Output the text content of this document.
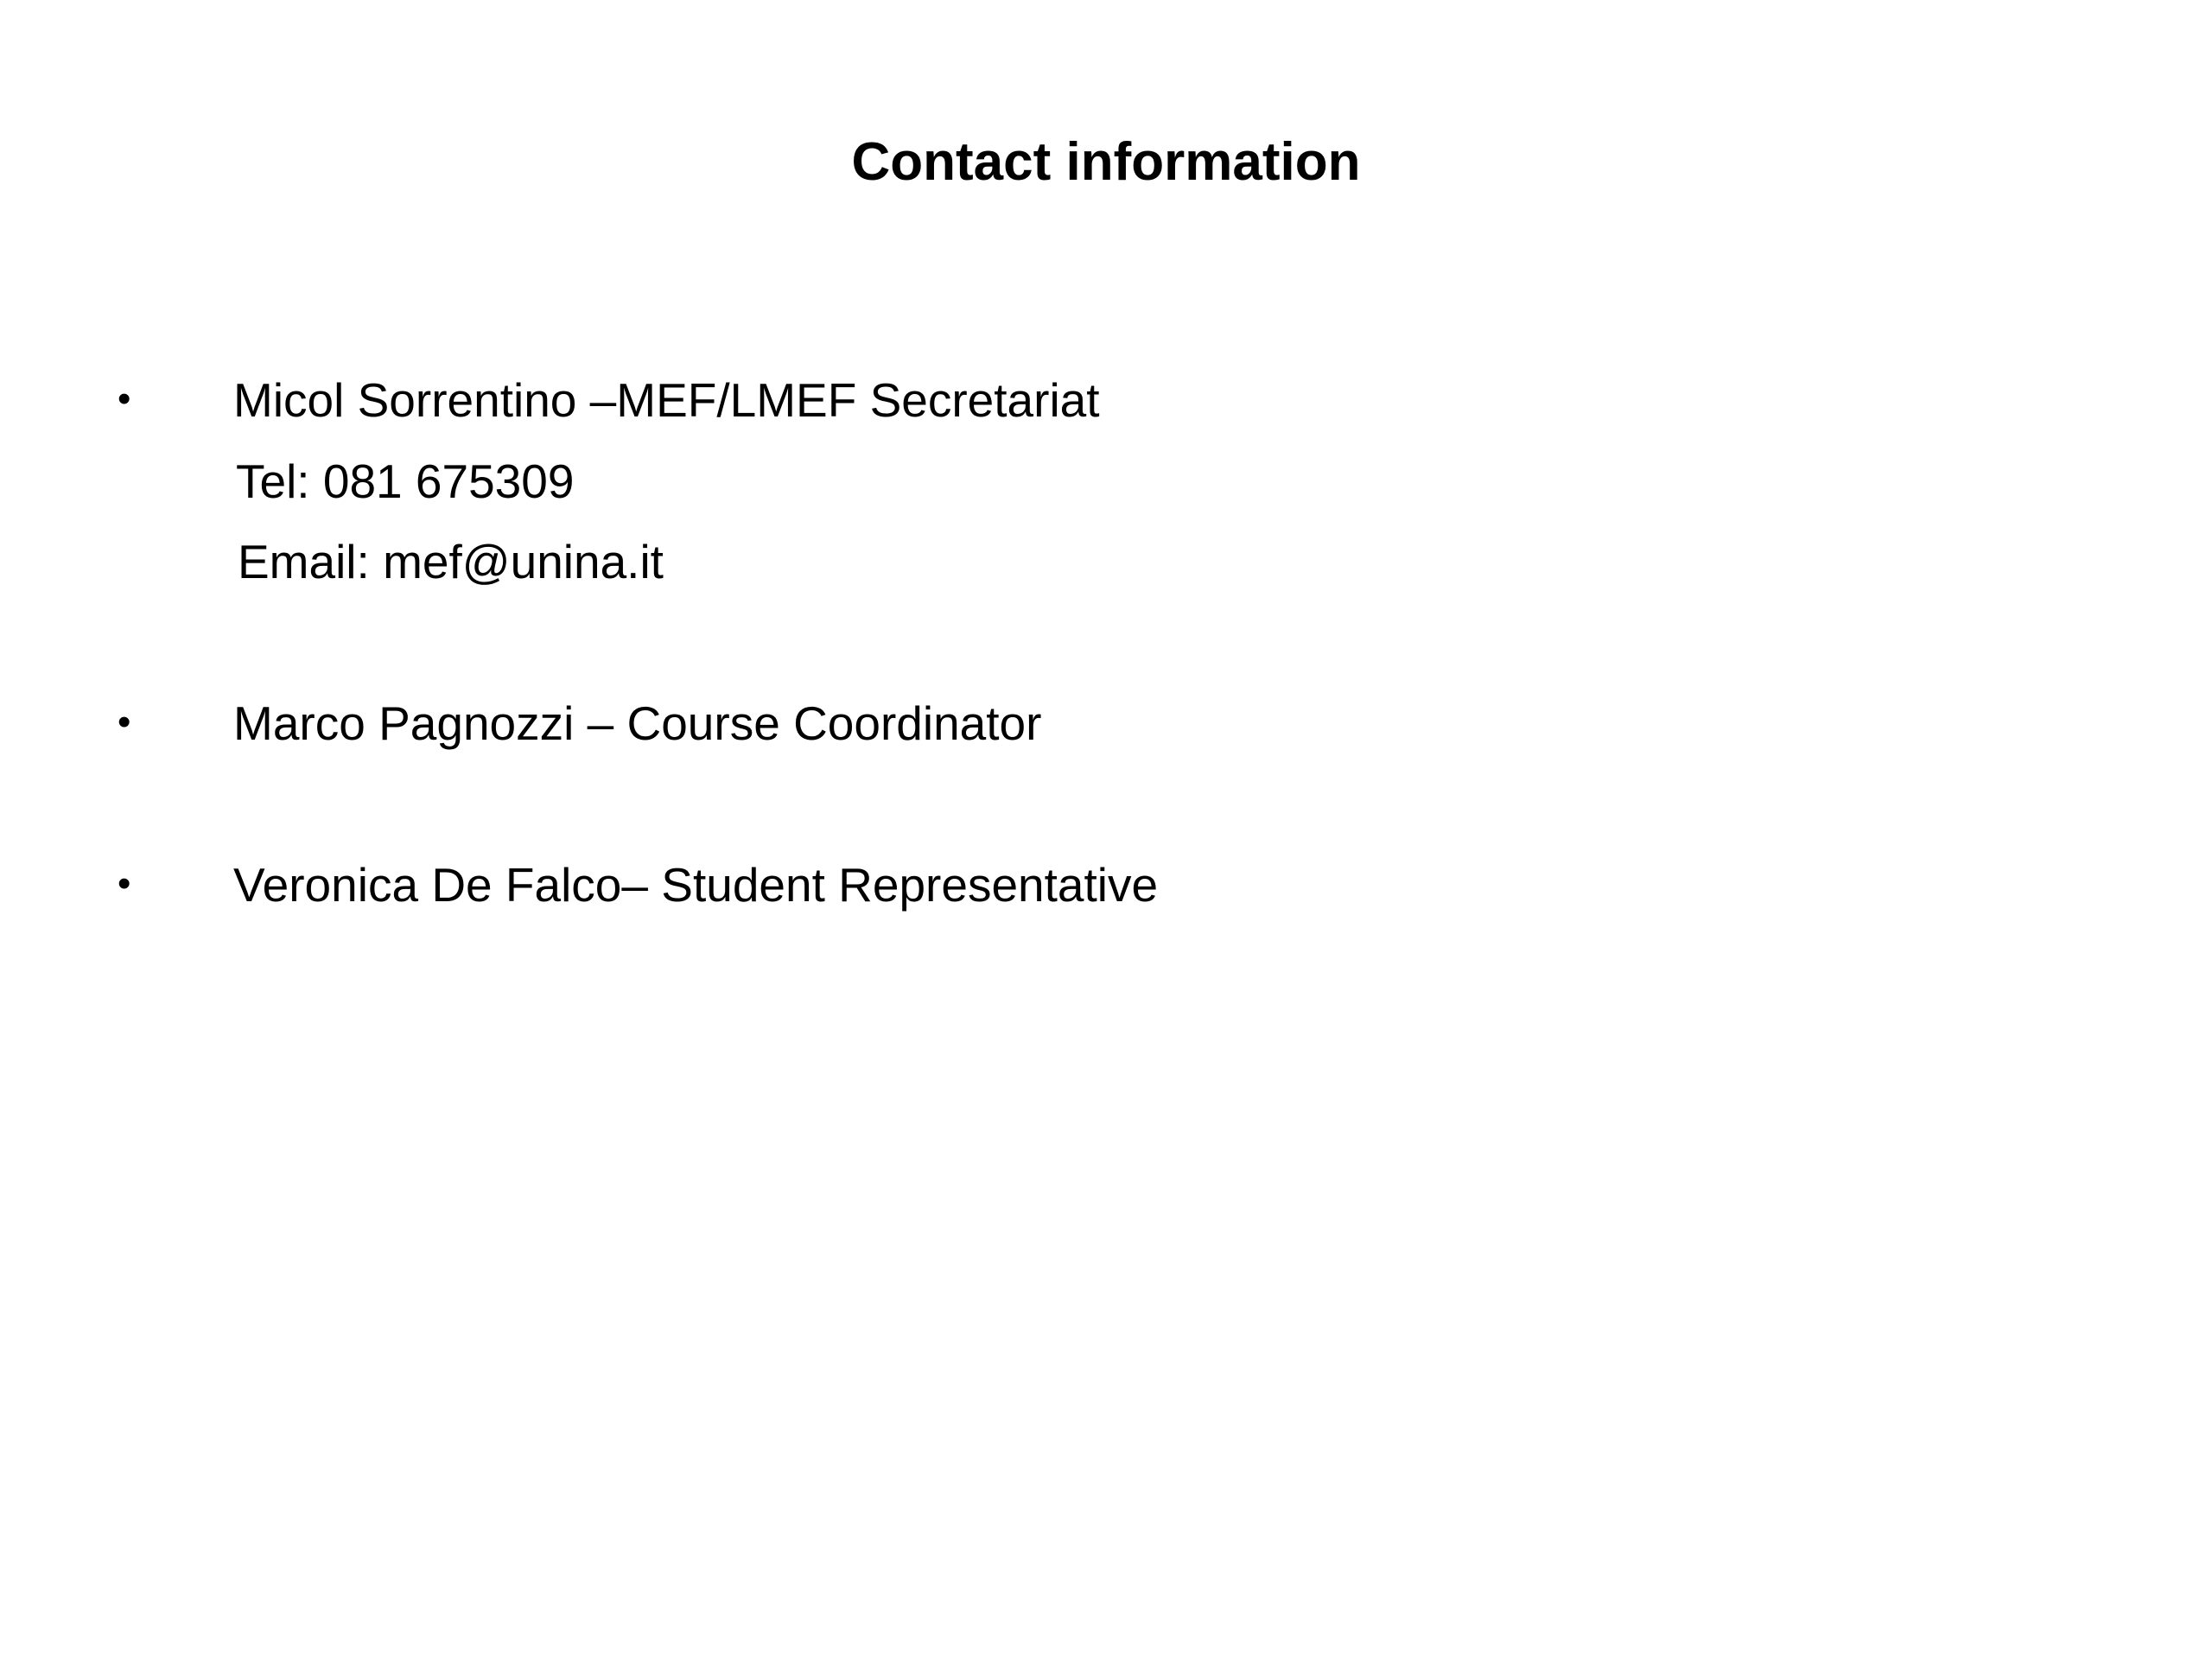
Contact information
• Micol Sorrentino –MEF/LMEF Secretariat
Tel: 081 675309
Email: mef@unina.it
• Marco Pagnozzi – Course Coordinator
• Veronica De Falco– Student Representative
